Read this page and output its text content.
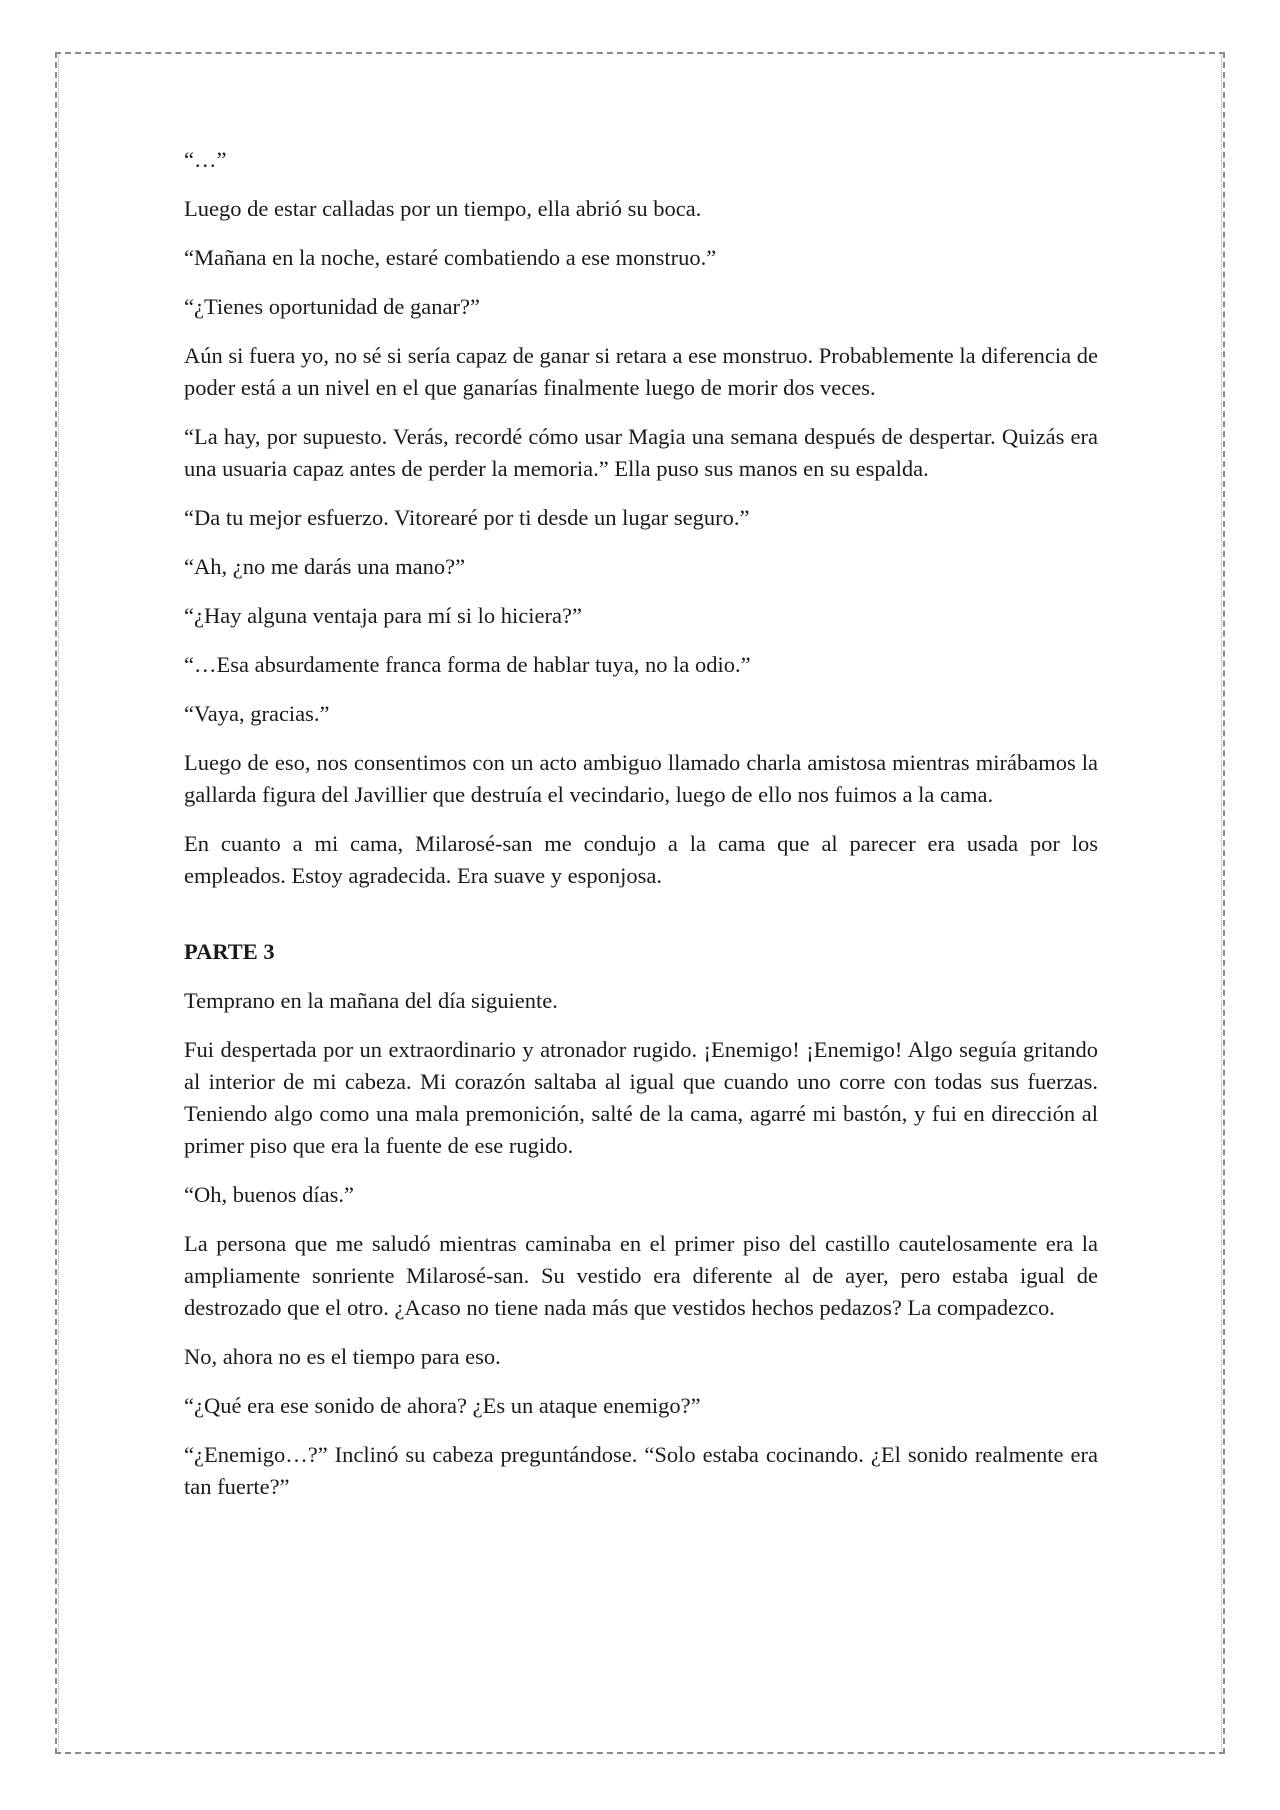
“…”

Luego de estar calladas por un tiempo, ella abrió su boca.

“Mañana en la noche, estaré combatiendo a ese monstruo.”

“¿Tienes oportunidad de ganar?”

Aún si fuera yo, no sé si sería capaz de ganar si retara a ese monstruo. Probablemente la diferencia de poder está a un nivel en el que ganarías finalmente luego de morir dos veces.

“La hay, por supuesto. Verás, recordé cómo usar Magia una semana después de despertar. Quizás era una usuaria capaz antes de perder la memoria.” Ella puso sus manos en su espalda.

“Da tu mejor esfuerzo. Vitorearé por ti desde un lugar seguro.”

“Ah, ¿no me darás una mano?”

“¿Hay alguna ventaja para mí si lo hiciera?”

“…Esa absurdamente franca forma de hablar tuya, no la odio.”

“Vaya, gracias.”

Luego de eso, nos consentimos con un acto ambiguo llamado charla amistosa mientras mirábamos la gallarda figura del Javillier que destruía el vecindario, luego de ello nos fuimos a la cama.

En cuanto a mi cama, Milarosé-san me condujo a la cama que al parecer era usada por los empleados. Estoy agradecida. Era suave y esponjosa.

PARTE 3

Temprano en la mañana del día siguiente.

Fui despertada por un extraordinario y atronador rugido. ¡Enemigo! ¡Enemigo! Algo seguía gritando al interior de mi cabeza. Mi corazón saltaba al igual que cuando uno corre con todas sus fuerzas. Teniendo algo como una mala premonición, salté de la cama, agarré mi bastón, y fui en dirección al primer piso que era la fuente de ese rugido.

“Oh, buenos días.”

La persona que me saludó mientras caminaba en el primer piso del castillo cautelosamente era la ampliamente sonriente Milarosé-san. Su vestido era diferente al de ayer, pero estaba igual de destrozado que el otro. ¿Acaso no tiene nada más que vestidos hechos pedazos? La compadezco.

No, ahora no es el tiempo para eso.

“¿Qué era ese sonido de ahora? ¿Es un ataque enemigo?”

“¿Enemigo…?” Inclinó su cabeza preguntándose. “Solo estaba cocinando. ¿El sonido realmente era tan fuerte?”
